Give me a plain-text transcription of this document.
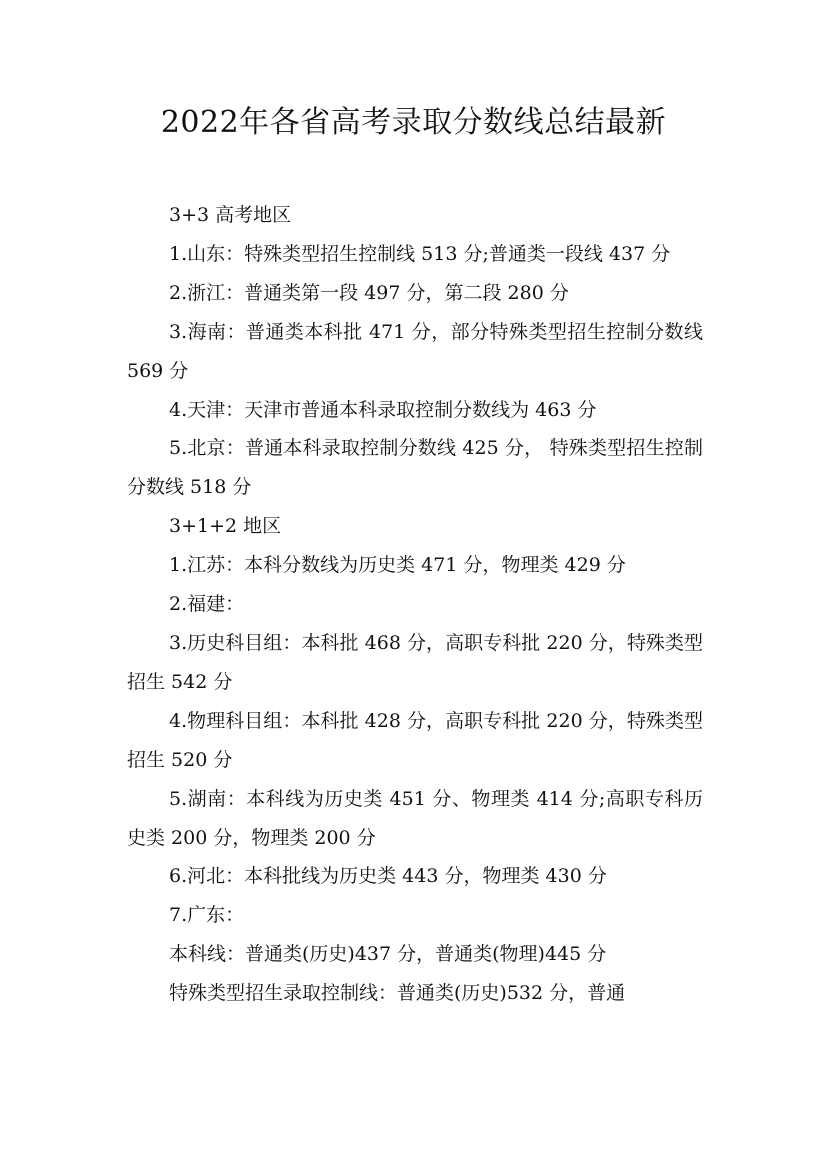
2022年各省高考录取分数线总结最新

3+3 高考地区

1.山东：特殊类型招生控制线 513 分;普通类一段线 437 分

2.浙江：普通类第一段 497 分，第二段 280 分

3.海南：普通类本科批 471 分，部分特殊类型招生控制分数线 569 分

4.天津：天津市普通本科录取控制分数线为 463 分

5.北京：普通本科录取控制分数线 425 分， 特殊类型招生控制分数线 518 分

3+1+2 地区

1.江苏：本科分数线为历史类 471 分，物理类 429 分

2.福建：

3.历史科目组：本科批 468 分，高职专科批 220 分，特殊类型招生 542 分

4.物理科目组：本科批 428 分，高职专科批 220 分，特殊类型招生 520 分

5.湖南：本科线为历史类 451 分、物理类 414 分;高职专科历史类 200 分，物理类 200 分

6.河北：本科批线为历史类 443 分，物理类 430 分

7.广东：

本科线：普通类(历史)437 分，普通类(物理)445 分

特殊类型招生录取控制线：普通类(历史)532 分，普通
